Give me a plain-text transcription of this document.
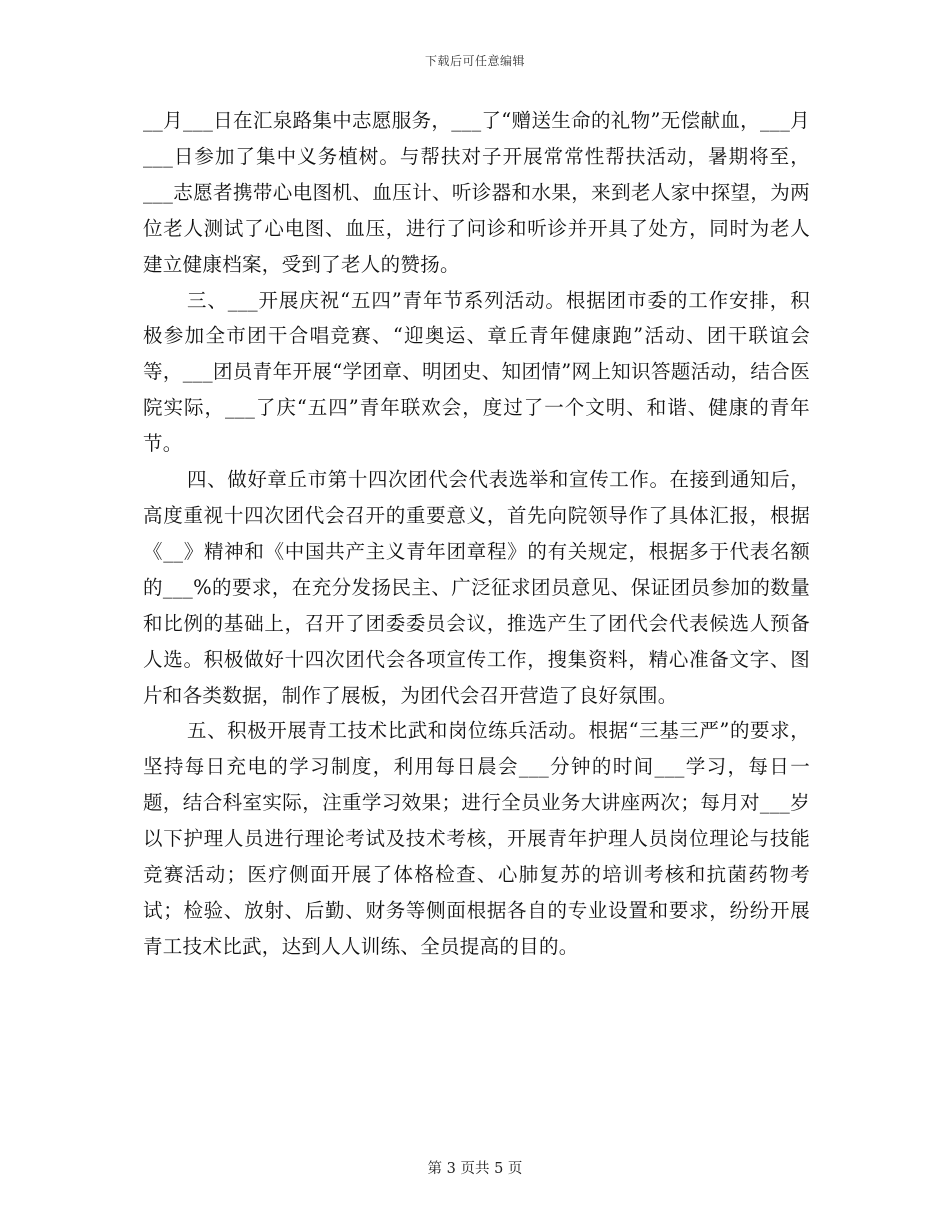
下载后可任意编辑

__月___日在汇泉路集中志愿服务，___了“赠送生命的礼物”无偿献血，___月___日参加了集中义务植树。与帮扶对子开展常常性帮扶活动，暑期将至，___志愿者携带心电图机、血压计、听诊器和水果，来到老人家中探望，为两位老人测试了心电图、血压，进行了问诊和听诊并开具了处方，同时为老人建立健康档案，受到了老人的赞扬。

三、___开展庆祝“五四”青年节系列活动。根据团市委的工作安排，积极参加全市团干合唱竞赛、“迎奥运、章丘青年健康跑”活动、团干联谊会等，___团员青年开展“学团章、明团史、知团情”网上知识答题活动，结合医院实际，___了庆“五四”青年联欢会，度过了一个文明、和谐、健康的青年节。

四、做好章丘市第十四次团代会代表选举和宣传工作。在接到通知后，高度重视十四次团代会召开的重要意义，首先向院领导作了具体汇报，根据《__》精神和《中国共产主义青年团章程》的有关规定，根据多于代表名额的___%的要求，在充分发扬民主、广泛征求团员意见、保证团员参加的数量和比例的基础上，召开了团委委员会议，推选产生了团代会代表候选人预备人选。积极做好十四次团代会各项宣传工作，搜集资料，精心准备文字、图片和各类数据，制作了展板，为团代会召开营造了良好氛围。

五、积极开展青工技术比武和岗位练兵活动。根据“三基三严”的要求，坚持每日充电的学习制度，利用每日晨会___分钟的时间___学习，每日一题，结合科室实际，注重学习效果；进行全员业务大讲座两次；每月对___岁以下护理人员进行理论考试及技术考核，开展青年护理人员岗位理论与技能竞赛活动；医疗侧面开展了体格检查、心肺复苏的培训考核和抗菌药物考试；检验、放射、后勤、财务等侧面根据各自的专业设置和要求，纷纷开展青工技术比武，达到人人训练、全员提高的目的。

第 3 页共 5 页
